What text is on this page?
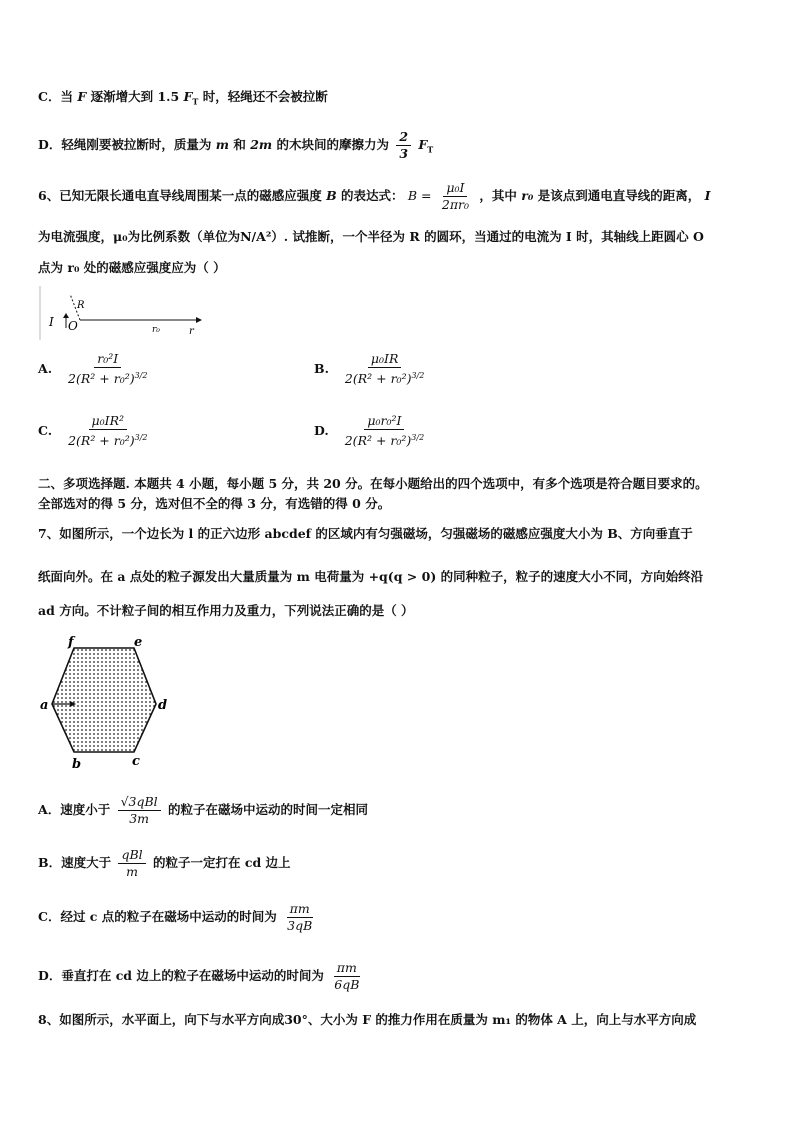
C．当 F 逐渐增大到 1.5 $F_T$ 时，轻绳还不会被拉断
D．轻绳刚要被拉断时，质量为 m 和 2m 的木块间的摩擦力为 $\frac{2}{3} F_T$
6、已知无限长通电直导线周围某一点的磁感应强度 B 的表达式： $B = \frac{\text{μ₀I}}{\text{2πr₀}}$ ，其中 r₀ 是该点到通电直导线的距离， I
为电流强度，μ₀为比例系数（单位为N/A²）. 试推断，一个半径为 R 的圆环，当通过的电流为 I 时，其轴线上距圆心 O
点为 r₀ 处的磁感应强度应为（ ）
I O
R
r₀	r
A. $\frac{\text{r₀²I}}{2(R^2 + r_0^2)^{3/2}}$	B. $\frac{\text{μ₀IR}}{2(R^2 + r_0^2)^{3/2}}$
C. $\frac{\text{μ₀IR²}}{2(R^2 + r_0^2)^{3/2}}$	D. $\frac{\text{μ₀r₀²I}}{2(R^2 + r_0^2)^{3/2}}$
二、多项选择题. 本题共 4 小题，每小题 5 分，共 20 分。在每小题给出的四个选项中，有多个选项是符合题目要求的。
全部选对的得 5 分，选对但不全的得 3 分，有选错的得 0 分。
7、如图所示，一个边长为 l 的正六边形 abcdef 的区域内有匀强磁场，匀强磁场的磁感应强度大小为 B、方向垂直于
纸面向外。在 a 点处的粒子源发出大量质量为 m 电荷量为 +q(q > 0) 的同种粒子，粒子的速度大小不同，方向始终沿
ad 方向。不计粒子间的相互作用力及重力，下列说法正确的是（ ）
f	e
a	d
b	c
A．速度小于 $\frac{\text{√3qBl}}{3m}$ 的粒子在磁场中运动的时间一定相同
B．速度大于 $\frac{\text{qBl}}{m}$ 的粒子一定打在 cd 边上
C．经过 c 点的粒子在磁场中运动的时间为 $\frac{\pi m}{3qB}$
D．垂直打在 cd 边上的粒子在磁场中运动的时间为 $\frac{\pi m}{6qB}$
8、如图所示，水平面上，向下与水平方向成30°、大小为 F 的推力作用在质量为 m₁ 的物体 A 上，向上与水平方向成
